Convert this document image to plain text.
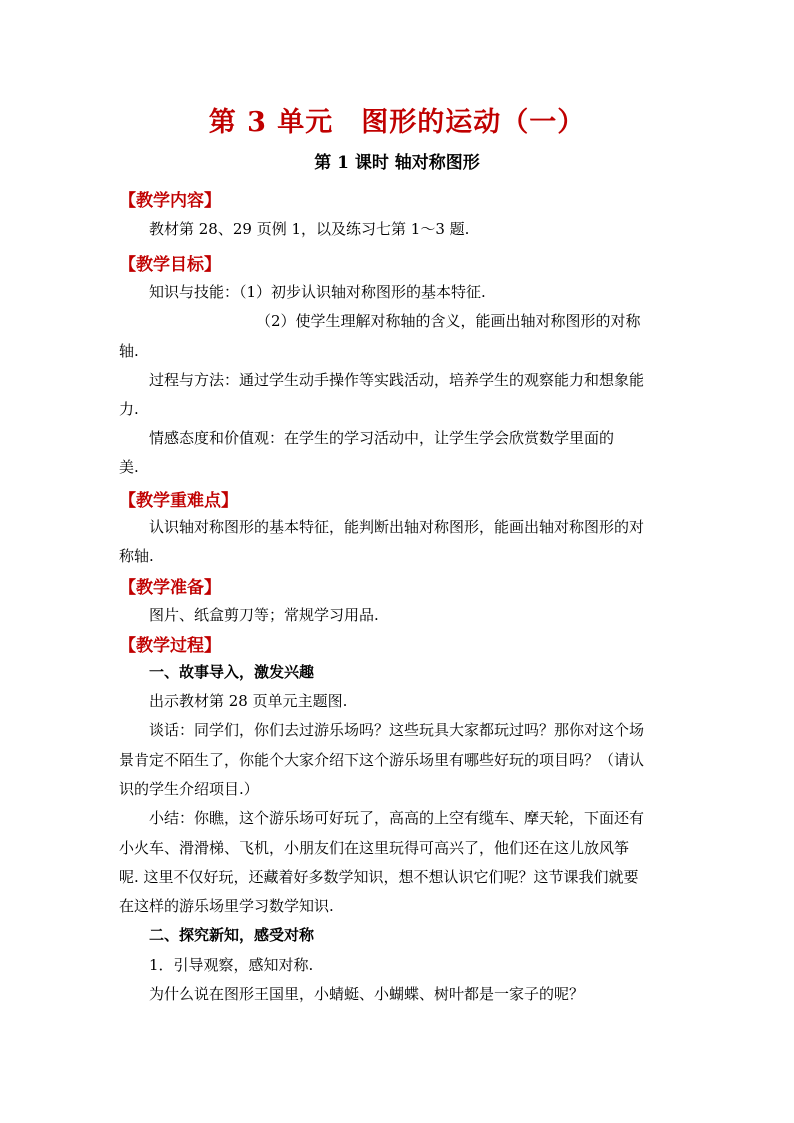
第 3 单元　图形的运动（一）
第 1 课时 轴对称图形
【教学内容】
教材第 28、29 页例 1，以及练习七第 1～3 题.
【教学目标】
知识与技能：（1）初步认识轴对称图形的基本特征.
（2）使学生理解对称轴的含义，能画出轴对称图形的对称
轴.
过程与方法：通过学生动手操作等实践活动，培养学生的观察能力和想象能
力.
情感态度和价值观：在学生的学习活动中，让学生学会欣赏数学里面的
美.
【教学重难点】
认识轴对称图形的基本特征，能判断出轴对称图形，能画出轴对称图形的对
称轴.
【教学准备】
图片、纸盒剪刀等；常规学习用品.
【教学过程】
一、故事导入，激发兴趣
出示教材第 28 页单元主题图.
谈话：同学们，你们去过游乐场吗？这些玩具大家都玩过吗？那你对这个场
景肯定不陌生了，你能个大家介绍下这个游乐场里有哪些好玩的项目吗？（请认
识的学生介绍项目.）
小结：你瞧，这个游乐场可好玩了，高高的上空有缆车、摩天轮，下面还有
小火车、滑滑梯、飞机，小朋友们在这里玩得可高兴了，他们还在这儿放风筝
呢. 这里不仅好玩，还藏着好多数学知识，想不想认识它们呢？这节课我们就要
在这样的游乐场里学习数学知识.
二、探究新知，感受对称
1．引导观察，感知对称.
为什么说在图形王国里，小蜻蜓、小蝴蝶、树叶都是一家子的呢？
